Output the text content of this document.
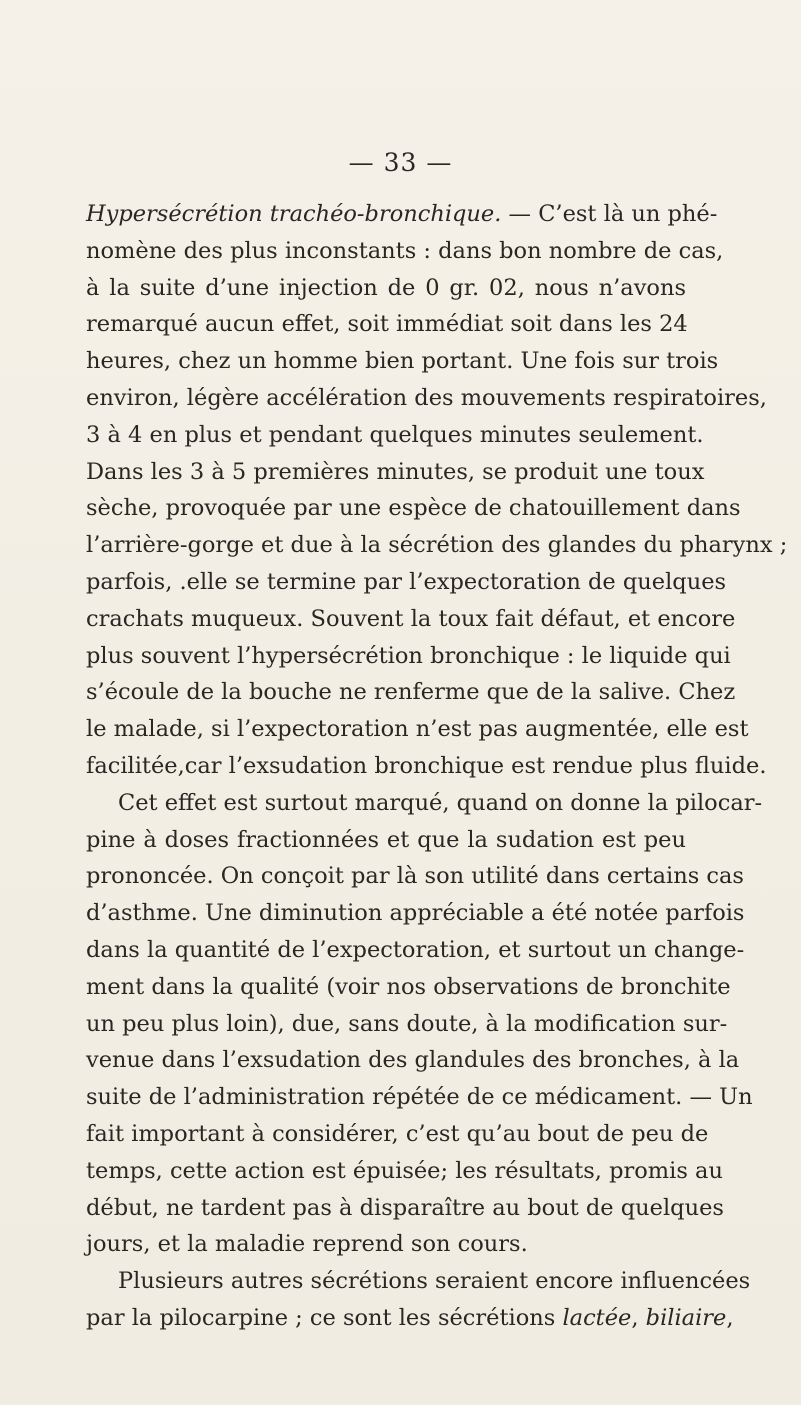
— 33 —
Hypersécrétion trachéo-bronchique. — C’est là un phé-
nomène des plus inconstants : dans bon nombre de cas,
à la suite d’une injection de 0 gr. 02, nous n’avons
remarqué aucun effet, soit immédiat soit dans les 24
heures, chez un homme bien portant. Une fois sur trois
environ, légère accélération des mouvements respiratoires,
3 à 4 en plus et pendant quelques minutes seulement.
Dans les 3 à 5 premières minutes, se produit une toux
sèche, provoquée par une espèce de chatouillement dans
l’arrière-gorge et due à la sécrétion des glandes du pharynx ;
parfois, .elle se termine par l’expectoration de quelques
crachats muqueux. Souvent la toux fait défaut, et encore
plus souvent l’hypersécrétion bronchique : le liquide qui
s’écoule de la bouche ne renferme que de la salive. Chez
le malade, si l’expectoration n’est pas augmentée, elle est
facilitée,car l’exsudation bronchique est rendue plus fluide.
Cet effet est surtout marqué, quand on donne la pilocar-
pine à doses fractionnées et que la sudation est peu
prononcée. On conçoit par là son utilité dans certains cas
d’asthme. Une diminution appréciable a été notée parfois
dans la quantité de l’expectoration, et surtout un change-
ment dans la qualité (voir nos observations de bronchite
un peu plus loin), due, sans doute, à la modification sur-
venue dans l’exsudation des glandules des bronches, à la
suite de l’administration répétée de ce médicament. — Un
fait important à considérer, c’est qu’au bout de peu de
temps, cette action est épuisée; les résultats, promis au
début, ne tardent pas à disparaître au bout de quelques
jours, et la maladie reprend son cours.
Plusieurs autres sécrétions seraient encore influencées
par la pilocarpine ; ce sont les sécrétions lactée, biliaire,
